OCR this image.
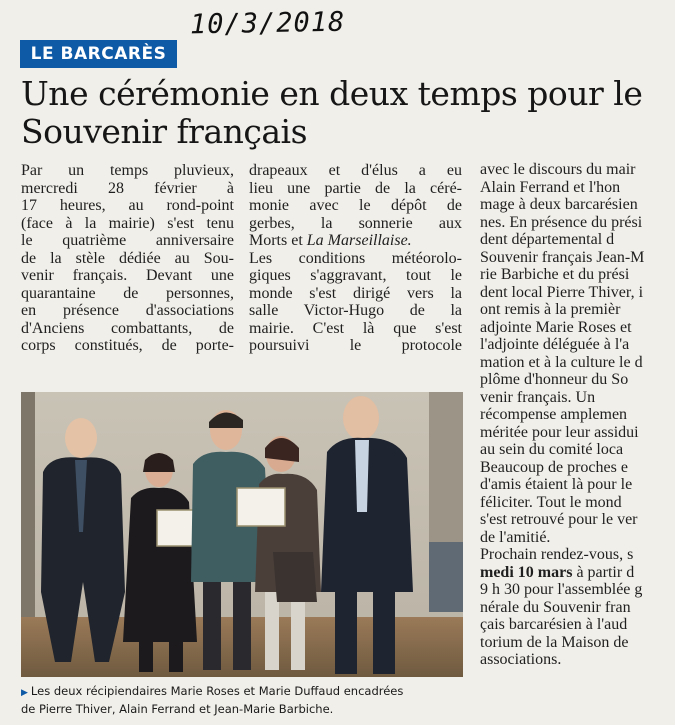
10/3/2018
LE BARCARÈS
Une cérémonie en deux temps pour le Souvenir français
Par un temps pluvieux,
mercredi 28 février à
17 heures, au rond-point
(face à la mairie) s'est tenu
le quatrième anniversaire
de la stèle dédiée au Sou-
venir français. Devant une
quarantaine de personnes,
en présence d'associations
d'Anciens combattants, de
corps constitués, de porte-
drapeaux et d'élus a eu
lieu une partie de la céré-
monie avec le dépôt de
gerbes, la sonnerie aux
Morts et La Marseillaise.
Les conditions météorolo-
giques s'aggravant, tout le
monde s'est dirigé vers la
salle Victor-Hugo de la
mairie. C'est là que s'est
poursuivi le protocole
avec le discours du mair
Alain Ferrand et l'hon
mage à deux barcarésien
nes. En présence du prési
dent départemental d
Souvenir français Jean-M
rie Barbiche et du prési
dent local Pierre Thiver, i
ont remis à la premièr
adjointe Marie Roses et
l'adjointe déléguée à l'a
mation et à la culture le d
plôme d'honneur du So
venir français. Un
récompense amplemen
méritée pour leur assidui
au sein du comité loca
Beaucoup de proches e
d'amis étaient là pour le
féliciter. Tout le mond
s'est retrouvé pour le ver
de l'amitié.
Prochain rendez-vous, s
medi 10 mars à partir d
9 h 30 pour l'assemblée g
nérale du Souvenir fran
çais barcarésien à l'aud
torium de la Maison de
associations.
▶ Les deux récipiendaires Marie Roses et Marie Duffaud encadrées
de Pierre Thiver, Alain Ferrand et Jean-Marie Barbiche.
